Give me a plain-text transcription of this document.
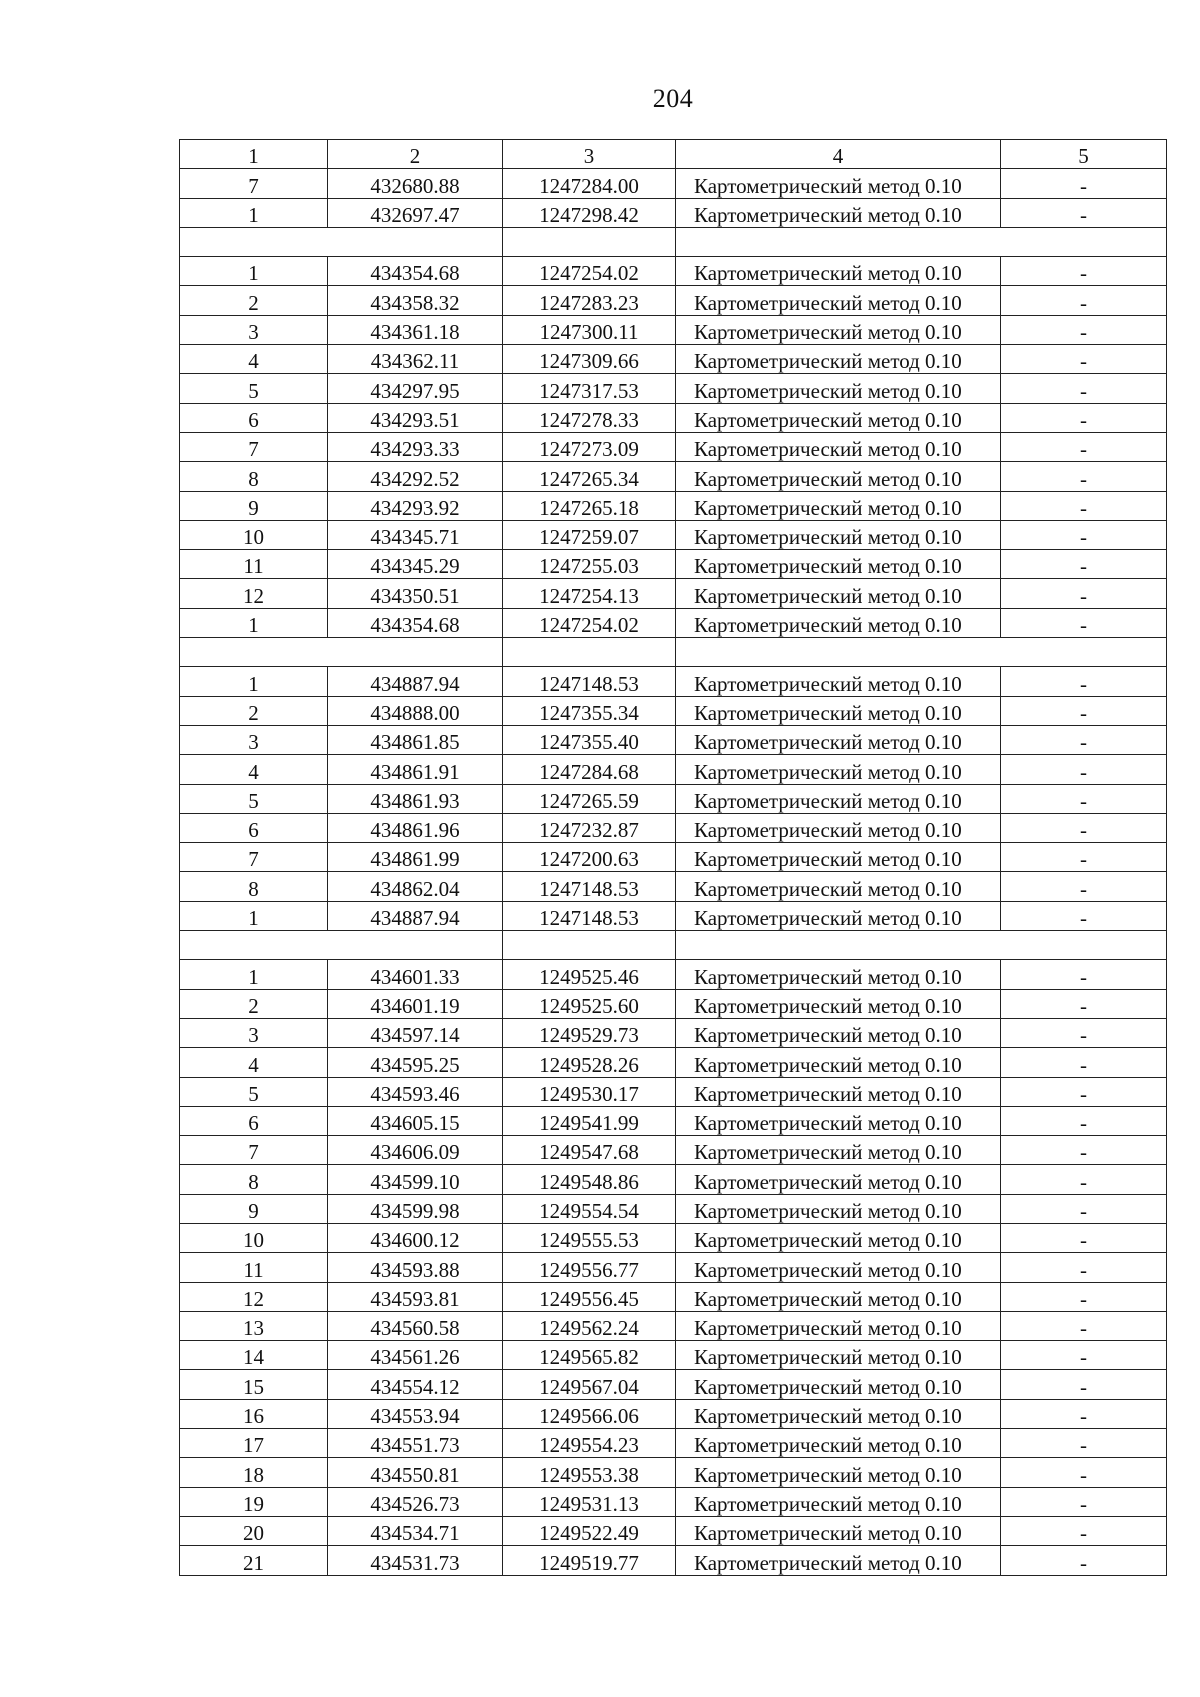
204
1	2	3	4	5
7	432680.88	1247284.00	Картометрический метод 0.10	-
1	432697.47	1247298.42	Картометрический метод 0.10	-

1	434354.68	1247254.02	Картометрический метод 0.10	-
2	434358.32	1247283.23	Картометрический метод 0.10	-
3	434361.18	1247300.11	Картометрический метод 0.10	-
4	434362.11	1247309.66	Картометрический метод 0.10	-
5	434297.95	1247317.53	Картометрический метод 0.10	-
6	434293.51	1247278.33	Картометрический метод 0.10	-
7	434293.33	1247273.09	Картометрический метод 0.10	-
8	434292.52	1247265.34	Картометрический метод 0.10	-
9	434293.92	1247265.18	Картометрический метод 0.10	-
10	434345.71	1247259.07	Картометрический метод 0.10	-
11	434345.29	1247255.03	Картометрический метод 0.10	-
12	434350.51	1247254.13	Картометрический метод 0.10	-
1	434354.68	1247254.02	Картометрический метод 0.10	-

1	434887.94	1247148.53	Картометрический метод 0.10	-
2	434888.00	1247355.34	Картометрический метод 0.10	-
3	434861.85	1247355.40	Картометрический метод 0.10	-
4	434861.91	1247284.68	Картометрический метод 0.10	-
5	434861.93	1247265.59	Картометрический метод 0.10	-
6	434861.96	1247232.87	Картометрический метод 0.10	-
7	434861.99	1247200.63	Картометрический метод 0.10	-
8	434862.04	1247148.53	Картометрический метод 0.10	-
1	434887.94	1247148.53	Картометрический метод 0.10	-

1	434601.33	1249525.46	Картометрический метод 0.10	-
2	434601.19	1249525.60	Картометрический метод 0.10	-
3	434597.14	1249529.73	Картометрический метод 0.10	-
4	434595.25	1249528.26	Картометрический метод 0.10	-
5	434593.46	1249530.17	Картометрический метод 0.10	-
6	434605.15	1249541.99	Картометрический метод 0.10	-
7	434606.09	1249547.68	Картометрический метод 0.10	-
8	434599.10	1249548.86	Картометрический метод 0.10	-
9	434599.98	1249554.54	Картометрический метод 0.10	-
10	434600.12	1249555.53	Картометрический метод 0.10	-
11	434593.88	1249556.77	Картометрический метод 0.10	-
12	434593.81	1249556.45	Картометрический метод 0.10	-
13	434560.58	1249562.24	Картометрический метод 0.10	-
14	434561.26	1249565.82	Картометрический метод 0.10	-
15	434554.12	1249567.04	Картометрический метод 0.10	-
16	434553.94	1249566.06	Картометрический метод 0.10	-
17	434551.73	1249554.23	Картометрический метод 0.10	-
18	434550.81	1249553.38	Картометрический метод 0.10	-
19	434526.73	1249531.13	Картометрический метод 0.10	-
20	434534.71	1249522.49	Картометрический метод 0.10	-
21	434531.73	1249519.77	Картометрический метод 0.10	-
